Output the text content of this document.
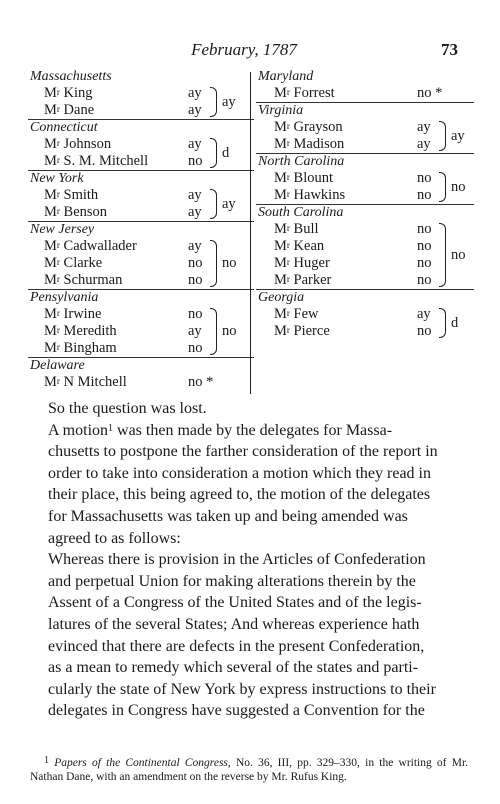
February, 1787	73
Massachusetts
$M^r$ King	ay
$M^r$ Dane	ay
ay
Connecticut
$M^r$ Johnson	ay
$M^r$ S. M. Mitchell	no
d
New York
$M^r$ Smith	ay
$M^r$ Benson	ay
ay
New Jersey
$M^r$ Cadwallader	ay
$M^r$ Clarke	no
$M^r$ Schurman	no
no
Pensylvania
$M^r$ Irwine	no
$M^r$ Meredith	ay
$M^r$ Bingham	no
no
Delaware
$M^r$ N Mitchell	no *
Maryland
$M^r$ Forrest	no *
Virginia
$M^r$ Grayson	ay
$M^r$ Madison	ay
ay
North Carolina
$M^r$ Blount	no
$M^r$ Hawkins	no
no
South Carolina
$M^r$ Bull	no
$M^r$ Kean	no
$M^r$ Huger	no
$M^r$ Parker	no
no
Georgia
$M^r$ Few	ay
$M^r$ Pierce	no
d

So the question was lost.

A motion$^1$ was then made by the delegates for Massa-
chusetts to postpone the farther consideration of the report in
order to take into consideration a motion which they read in
their place, this being agreed to, the motion of the delegates
for Massachusetts was taken up and being amended was
agreed to as follows:

Whereas there is provision in the Articles of Confederation
and perpetual Union for making alterations therein by the
Assent of a Congress of the United States and of the legis-
latures of the several States; And whereas experience hath
evinced that there are defects in the present Confederation,
as a mean to remedy which several of the states and parti-
cularly the state of New York by express instructions to their
delegates in Congress have suggested a Convention for the

1 Papers of the Continental Congress, No. 36, III, pp. 329–330, in the writing of Mr. Nathan Dane, with an amendment on the reverse by Mr. Rufus King.
